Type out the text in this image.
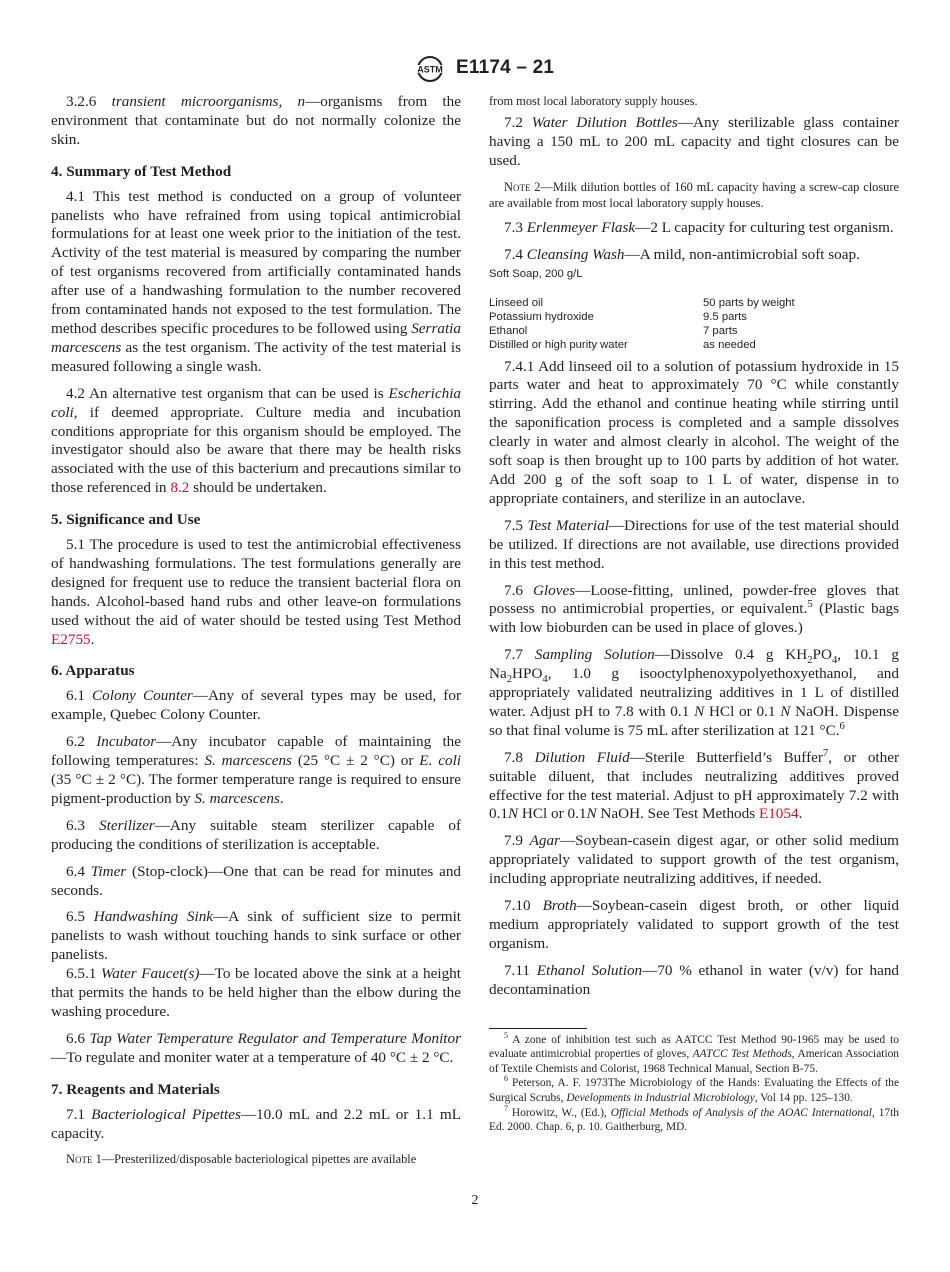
ASTM E1174 – 21

3.2.6 transient microorganisms, n—organisms from the environment that contaminate but do not normally colonize the skin.

4. Summary of Test Method

4.1 This test method is conducted on a group of volunteer panelists who have refrained from using topical antimicrobial formulations for at least one week prior to the initiation of the test. Activity of the test material is measured by comparing the number of test organisms recovered from artificially contaminated hands after use of a handwashing formulation to the number recovered from contaminated hands not exposed to the test formulation. The method describes specific procedures to be followed using Serratia marcescens as the test organism. The activity of the test material is measured following a single wash.

4.2 An alternative test organism that can be used is Escherichia coli, if deemed appropriate. Culture media and incubation conditions appropriate for this organism should be employed. The investigator should also be aware that there may be health risks associated with the use of this bacterium and precautions similar to those referenced in 8.2 should be undertaken.

5. Significance and Use

5.1 The procedure is used to test the antimicrobial effectiveness of handwashing formulations. The test formulations generally are designed for frequent use to reduce the transient bacterial flora on hands. Alcohol-based hand rubs and other leave-on formulations used without the aid of water should be tested using Test Method E2755.

6. Apparatus

6.1 Colony Counter—Any of several types may be used, for example, Quebec Colony Counter.

6.2 Incubator—Any incubator capable of maintaining the following temperatures: S. marcescens (25 °C ± 2 °C) or E. coli (35 °C ± 2 °C). The former temperature range is required to ensure pigment-production by S. marcescens.

6.3 Sterilizer—Any suitable steam sterilizer capable of producing the conditions of sterilization is acceptable.

6.4 Timer (Stop-clock)—One that can be read for minutes and seconds.

6.5 Handwashing Sink—A sink of sufficient size to permit panelists to wash without touching hands to sink surface or other panelists.

6.5.1 Water Faucet(s)—To be located above the sink at a height that permits the hands to be held higher than the elbow during the washing procedure.

6.6 Tap Water Temperature Regulator and Temperature Monitor—To regulate and moniter water at a temperature of 40 °C ± 2 °C.

7. Reagents and Materials

7.1 Bacteriological Pipettes—10.0 mL and 2.2 mL or 1.1 mL capacity.

Note 1—Presterilized/disposable bacteriological pipettes are available

from most local laboratory supply houses.

7.2 Water Dilution Bottles—Any sterilizable glass container having a 150 mL to 200 mL capacity and tight closures can be used.

Note 2—Milk dilution bottles of 160 mL capacity having a screw-cap closure are available from most local laboratory supply houses.

7.3 Erlenmeyer Flask—2 L capacity for culturing test organism.

7.4 Cleansing Wash—A mild, non-antimicrobial soft soap.

Soft Soap, 200 g/L
Linseed oil	50 parts by weight
Potassium hydroxide	9.5 parts
Ethanol	7 parts
Distilled or high purity water	as needed

7.4.1 Add linseed oil to a solution of potassium hydroxide in 15 parts water and heat to approximately 70 °C while constantly stirring. Add the ethanol and continue heating while stirring until the saponification process is completed and a sample dissolves clearly in water and almost clearly in alcohol. The weight of the soft soap is then brought up to 100 parts by addition of hot water. Add 200 g of the soft soap to 1 L of water, dispense in to appropriate containers, and sterilize in an autoclave.

7.5 Test Material—Directions for use of the test material should be utilized. If directions are not available, use directions provided in this test method.

7.6 Gloves—Loose-fitting, unlined, powder-free gloves that possess no antimicrobial properties, or equivalent.$^5$ (Plastic bags with low bioburden can be used in place of gloves.)

7.7 Sampling Solution—Dissolve 0.4 g $KH_2PO_4$, 10.1 g $Na_2HPO_4$, 1.0 g isooctylphenoxypolyethoxyethanol, and appropriately validated neutralizing additives in 1 L of distilled water. Adjust pH to 7.8 with 0.1 N HCl or 0.1 N NaOH. Dispense so that final volume is 75 mL after sterilization at 121 °C.$^6$

7.8 Dilution Fluid—Sterile Butterfield’s Buffer$^7$, or other suitable diluent, that includes neutralizing additives proved effective for the test material. Adjust to pH approximately 7.2 with 0.1N HCl or 0.1N NaOH. See Test Methods E1054.

7.9 Agar—Soybean-casein digest agar, or other solid medium appropriately validated to support growth of the test organism, including appropriate neutralizing additives, if needed.

7.10 Broth—Soybean-casein digest broth, or other liquid medium appropriately validated to support growth of the test organism.

7.11 Ethanol Solution—70 % ethanol in water (v/v) for hand decontamination

$^5$ A zone of inhibition test such as AATCC Test Method 90-1965 may be used to evaluate antimicrobial properties of gloves, AATCC Test Methods, American Association of Textile Chemists and Colorist, 1968 Technical Manual, Section B-75.

$^6$ Peterson, A. F. 1973The Microbiology of the Hands: Evaluating the Effects of the Surgical Scrubs, Developments in Industrial Microbiology, Vol 14 pp. 125–130.

$^7$ Horowitz, W., (Ed.), Official Methods of Analysis of the AOAC International, 17th Ed. 2000. Chap. 6, p. 10. Gaitherburg, MD.

2
